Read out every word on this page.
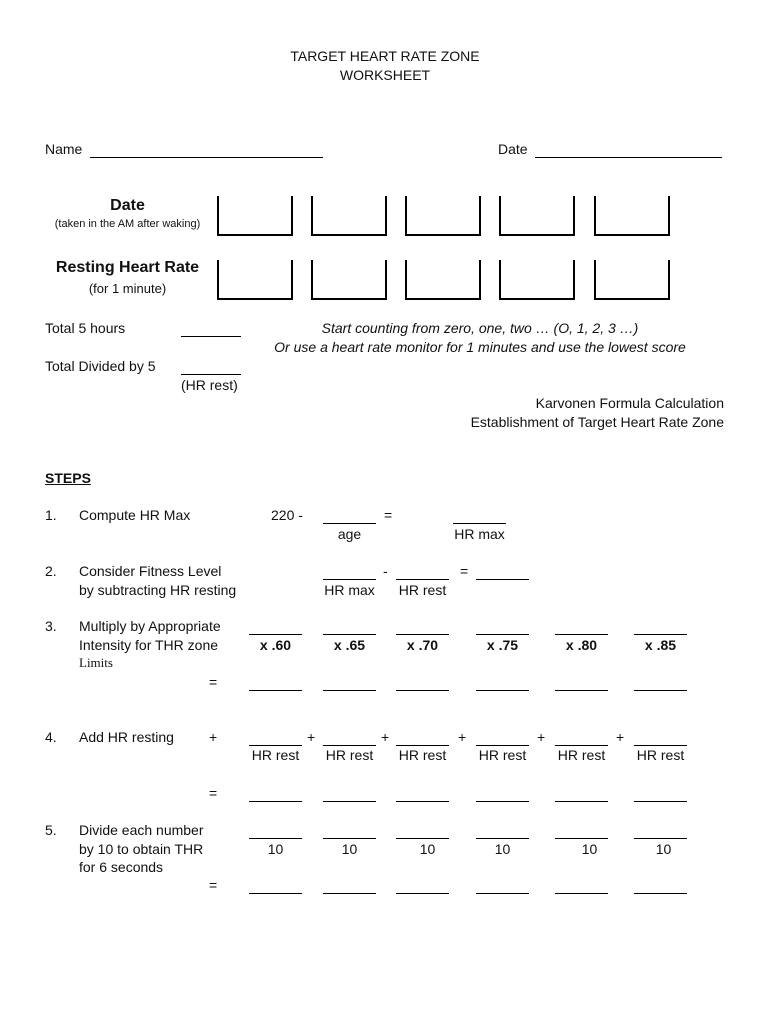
TARGET HEART RATE ZONE
WORKSHEET
Name	Date
Date
(taken in the AM after waking)
Resting Heart Rate
(for 1 minute)
Total 5 hours
Total Divided by 5
(HR rest)
Start counting from zero, one, two … (O, 1, 2, 3 …)
Or use a heart rate monitor for 1 minutes and use the lowest score
Karvonen Formula Calculation
Establishment of Target Heart Rate Zone
STEPS
1. Compute HR Max	220 -
age
=
HR max
2. Consider Fitness Level
by subtracting HR resting	HR max
-
HR rest
=
3. Multiply by Appropriate
Intensity for THR zone
Limits
x .60	x .65	x .70	x .75	x .80	x .85
=
4. Add HR resting	+	+	+	+	+	+
HR rest	HR rest	HR rest	HR rest	HR rest	HR rest
=
5. Divide each number
by 10 to obtain THR
for 6 seconds
10	10	10	10	10	10
=
